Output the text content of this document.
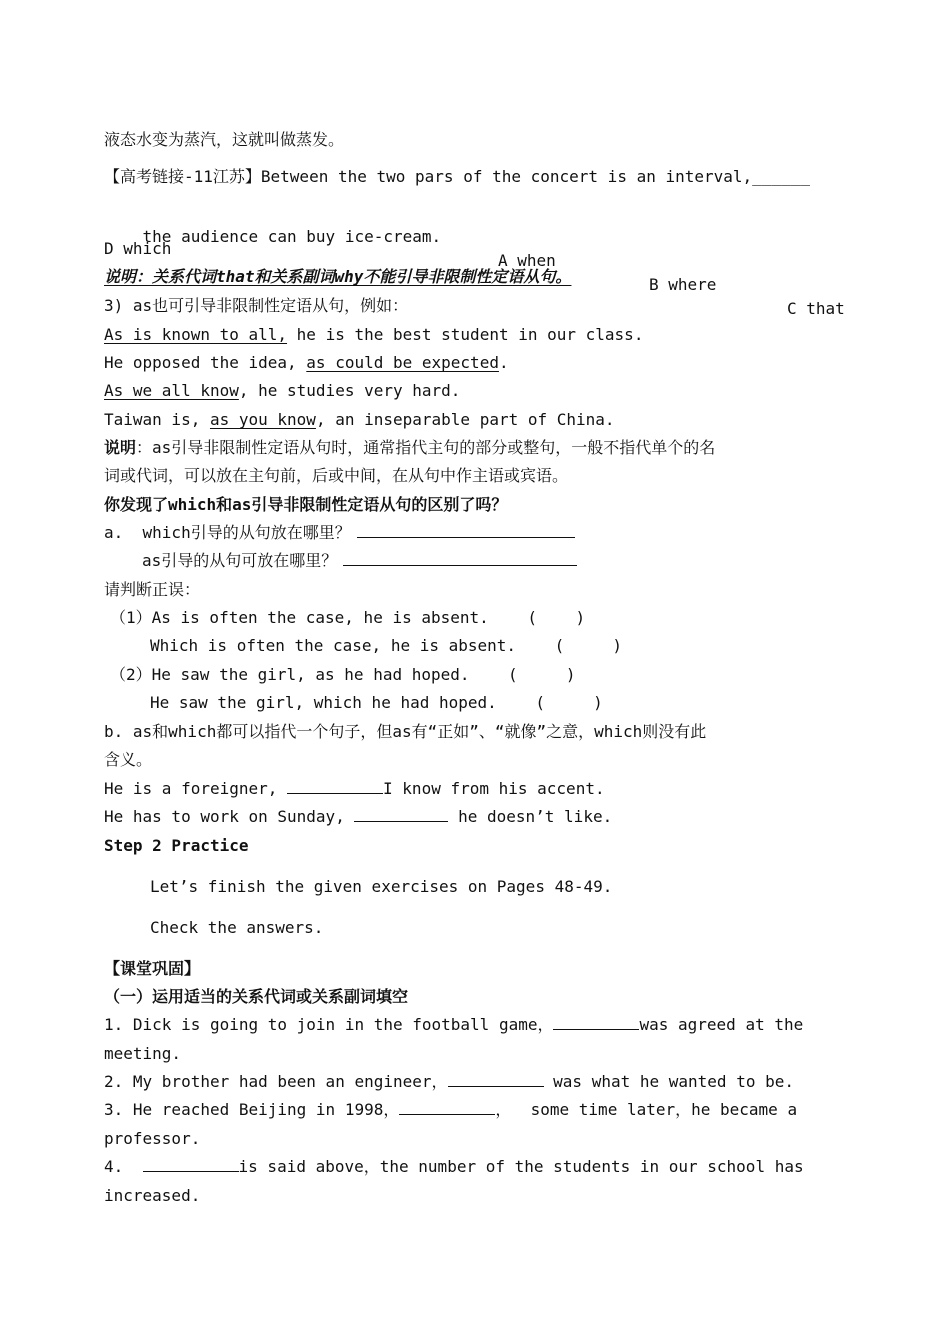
液态水变为蒸汽，这就叫做蒸发。
【高考链接-11江苏】Between the two pars of the concert is an interval,______

the audience can buy ice-cream.

A when

B where

C that

D which
说明：关系代词that和关系副词why不能引导非限制性定语从句。
3) as也可引导非限制性定语从句，例如：
As is known to all, he is the best student in our class.
He opposed the idea, as could be expected.
As we all know, he studies very hard.
Taiwan is, as you know, an inseparable part of China.
说明：as引导非限制性定语从句时，通常指代主句的部分或整句，一般不指代单个的名
词或代词，可以放在主句前，后或中间，在从句中作主语或宾语。
你发现了which和as引导非限制性定语从句的区别了吗？
a.  which引导的从句放在哪里？
as引导的从句可放在哪里？
请判断正误：
（1）As is often the case, he is absent.    (    )
Which is often the case, he is absent.    (     )
（2）He saw the girl, as he had hoped.    (     )
He saw the girl, which he had hoped.    (     )
b. as和which都可以指代一个句子，但as有“正如”、“就像”之意，which则没有此
含义。
He is a foreigner,	I know from his accent.
He has to work on Sunday,	he doesn’t like.
Step 2 Practice
Let’s finish the given exercises on Pages 48-49.
Check the answers.
【课堂巩固】
（一）运用适当的关系代词或关系副词填空
1. Dick is going to join in the football game，	was agreed at the
meeting.
2. My brother had been an engineer，	was what he wanted to be.
3. He reached Beijing in 1998，	，  some time later，he became a
professor.
4.	is said above，the number of the students in our school has
increased.
